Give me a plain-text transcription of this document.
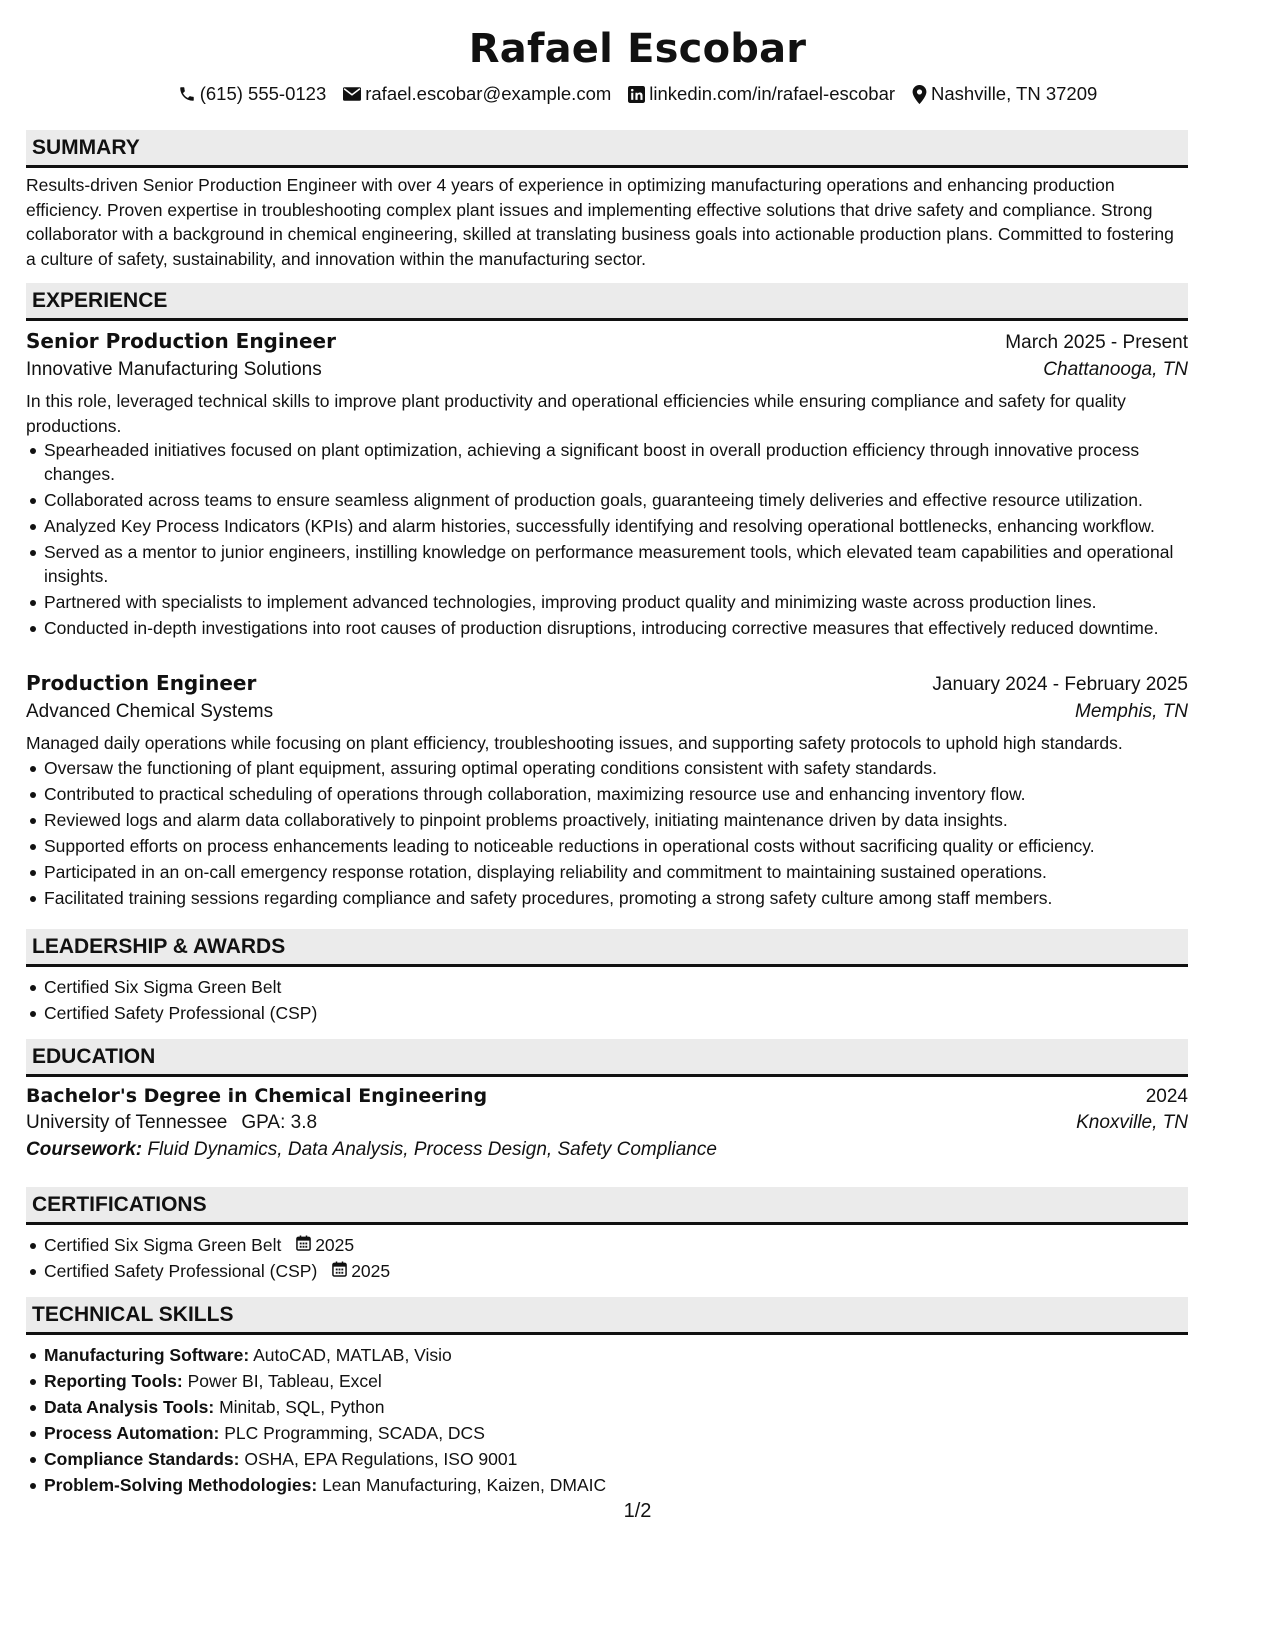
Rafael Escobar
(615) 555-0123 rafael.escobar@example.com linkedin.com/in/rafael-escobar Nashville, TN 37209
SUMMARY

Results-driven Senior Production Engineer with over 4 years of experience in optimizing manufacturing operations and enhancing production efficiency. Proven expertise in troubleshooting complex plant issues and implementing effective solutions that drive safety and compliance. Strong collaborator with a background in chemical engineering, skilled at translating business goals into actionable production plans. Committed to fostering a culture of safety, sustainability, and innovation within the manufacturing sector.

EXPERIENCE
Senior Production Engineer	March 2025 - Present
Innovative Manufacturing Solutions	Chattanooga, TN

In this role, leveraged technical skills to improve plant productivity and operational efficiencies while ensuring compliance and safety for quality productions.

Spearheaded initiatives focused on plant optimization, achieving a significant boost in overall production efficiency through innovative process changes.
Collaborated across teams to ensure seamless alignment of production goals, guaranteeing timely deliveries and effective resource utilization.
Analyzed Key Process Indicators (KPIs) and alarm histories, successfully identifying and resolving operational bottlenecks, enhancing workflow.
Served as a mentor to junior engineers, instilling knowledge on performance measurement tools, which elevated team capabilities and operational insights.
Partnered with specialists to implement advanced technologies, improving product quality and minimizing waste across production lines.
Conducted in-depth investigations into root causes of production disruptions, introducing corrective measures that effectively reduced downtime.
Production Engineer	January 2024 - February 2025
Advanced Chemical Systems	Memphis, TN

Managed daily operations while focusing on plant efficiency, troubleshooting issues, and supporting safety protocols to uphold high standards.

Oversaw the functioning of plant equipment, assuring optimal operating conditions consistent with safety standards.
Contributed to practical scheduling of operations through collaboration, maximizing resource use and enhancing inventory flow.
Reviewed logs and alarm data collaboratively to pinpoint problems proactively, initiating maintenance driven by data insights.
Supported efforts on process enhancements leading to noticeable reductions in operational costs without sacrificing quality or efficiency.
Participated in an on-call emergency response rotation, displaying reliability and commitment to maintaining sustained operations.
Facilitated training sessions regarding compliance and safety procedures, promoting a strong safety culture among staff members.
LEADERSHIP & AWARDS
Certified Six Sigma Green Belt
Certified Safety Professional (CSP)
EDUCATION
Bachelor's Degree in Chemical Engineering	2024
University of Tennessee GPA: 3.8	Knoxville, TN
Coursework: Fluid Dynamics, Data Analysis, Process Design, Safety Compliance
CERTIFICATIONS
Certified Six Sigma Green Belt 2025
Certified Safety Professional (CSP) 2025
TECHNICAL SKILLS
Manufacturing Software: AutoCAD, MATLAB, Visio
Reporting Tools: Power BI, Tableau, Excel
Data Analysis Tools: Minitab, SQL, Python
Process Automation: PLC Programming, SCADA, DCS
Compliance Standards: OSHA, EPA Regulations, ISO 9001
Problem-Solving Methodologies: Lean Manufacturing, Kaizen, DMAIC
1/2
